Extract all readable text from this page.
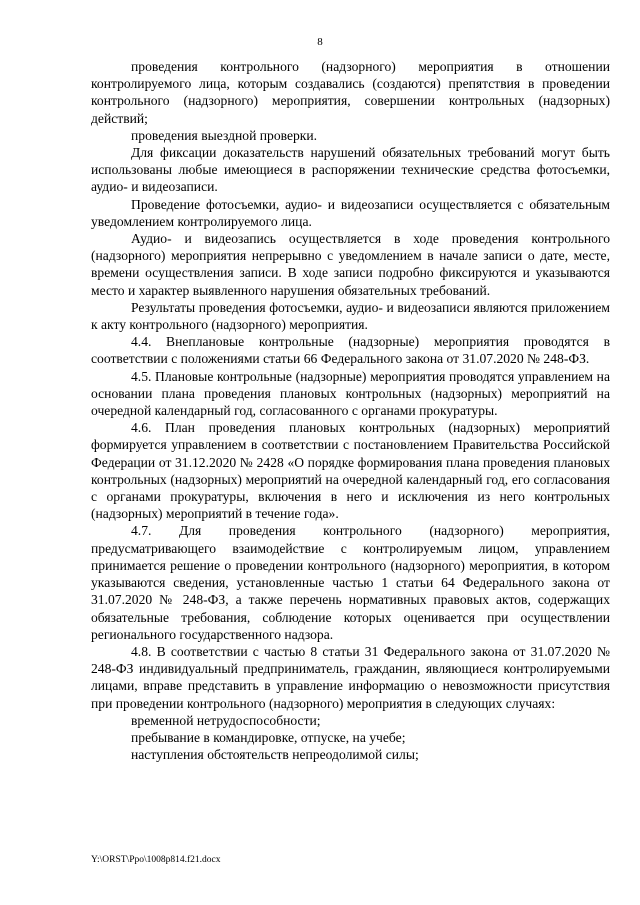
8

проведения контрольного (надзорного) мероприятия в отношении контролируемого лица, которым создавались (создаются) препятствия в проведении контрольного (надзорного) мероприятия, совершении контрольных (надзорных) действий;

проведения выездной проверки.

Для фиксации доказательств нарушений обязательных требований могут быть использованы любые имеющиеся в распоряжении технические средства фотосъемки, аудио- и видеозаписи.

Проведение фотосъемки, аудио- и видеозаписи осуществляется с обязательным уведомлением контролируемого лица.

Аудио- и видеозапись осуществляется в ходе проведения контрольного (надзорного) мероприятия непрерывно с уведомлением в начале записи о дате, месте, времени осуществления записи. В ходе записи подробно фиксируются и указываются место и характер выявленного нарушения обязательных требований.

Результаты проведения фотосъемки, аудио- и видеозаписи являются приложением к акту контрольного (надзорного) мероприятия.

4.4. Внеплановые контрольные (надзорные) мероприятия проводятся в соответствии с положениями статьи 66 Федерального закона от 31.07.2020 № 248-ФЗ.

4.5. Плановые контрольные (надзорные) мероприятия проводятся управлением на основании плана проведения плановых контрольных (надзорных) мероприятий на очередной календарный год, согласованного с органами прокуратуры.

4.6. План проведения плановых контрольных (надзорных) мероприятий формируется управлением в соответствии с постановлением Правительства Российской Федерации от 31.12.2020 № 2428 «О порядке формирования плана проведения плановых контрольных (надзорных) мероприятий на очередной календарный год, его согласования с органами прокуратуры, включения в него и исключения из него контрольных (надзорных) мероприятий в течение года».

4.7. Для проведения контрольного (надзорного) мероприятия, предусматривающего взаимодействие с контролируемым лицом, управлением принимается решение о проведении контрольного (надзорного) мероприятия, в котором указываются сведения, установленные частью 1 статьи 64 Федерального закона от 31.07.2020 № 248-ФЗ, а также перечень нормативных правовых актов, содержащих обязательные требования, соблюдение которых оценивается при осуществлении регионального государственного надзора.

4.8. В соответствии с частью 8 статьи 31 Федерального закона от 31.07.2020 № 248-ФЗ индивидуальный предприниматель, гражданин, являющиеся контролируемыми лицами, вправе представить в управление информацию о невозможности присутствия при проведении контрольного (надзорного) мероприятия в следующих случаях:

временной нетрудоспособности;

пребывание в командировке, отпуске, на учебе;

наступления обстоятельств непреодолимой силы;

Y:\ORST\Ppo\1008p814.f21.docx
